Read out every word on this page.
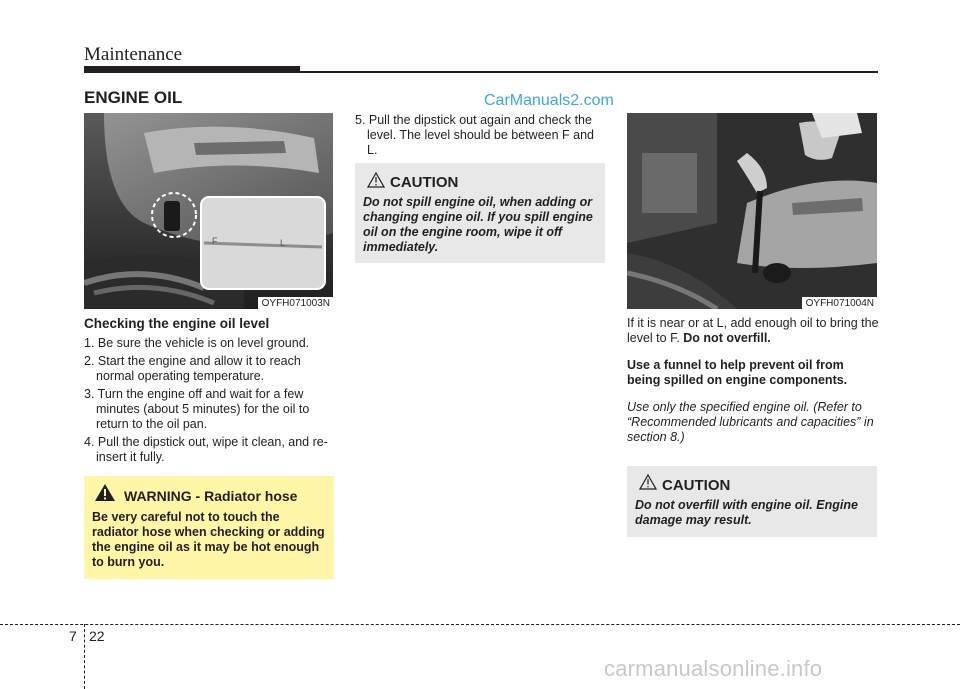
Maintenance
ENGINE OIL	CarManuals2.com
F	L
OYFH071003N	OYFH071004N
Checking the engine oil level
1. Be sure the vehicle is on level ground.
2. Start the engine and allow it to reach normal operating temperature.
3. Turn the engine off and wait for a few minutes (about 5 minutes) for the oil to return to the oil pan.
4. Pull the dipstick out, wipe it clean, and re-insert it fully.
WARNING - Radiator hose
Be very careful not to touch the radiator hose when checking or adding the engine oil as it may be hot enough to burn you.
5. Pull the dipstick out again and check the level. The level should be between F and L.
CAUTION
Do not spill engine oil, when adding or changing engine oil. If you spill engine oil on the engine room, wipe it off immediately.

If it is near or at L, add enough oil to bring the level to F. Do not overfill.

Use a funnel to help prevent oil from being spilled on engine components.

Use only the specified engine oil. (Refer to “Recommended lubricants and capacities” in section 8.)

CAUTION
Do not overfill with engine oil. Engine damage may result.
7 22
carmanualsonline.info
